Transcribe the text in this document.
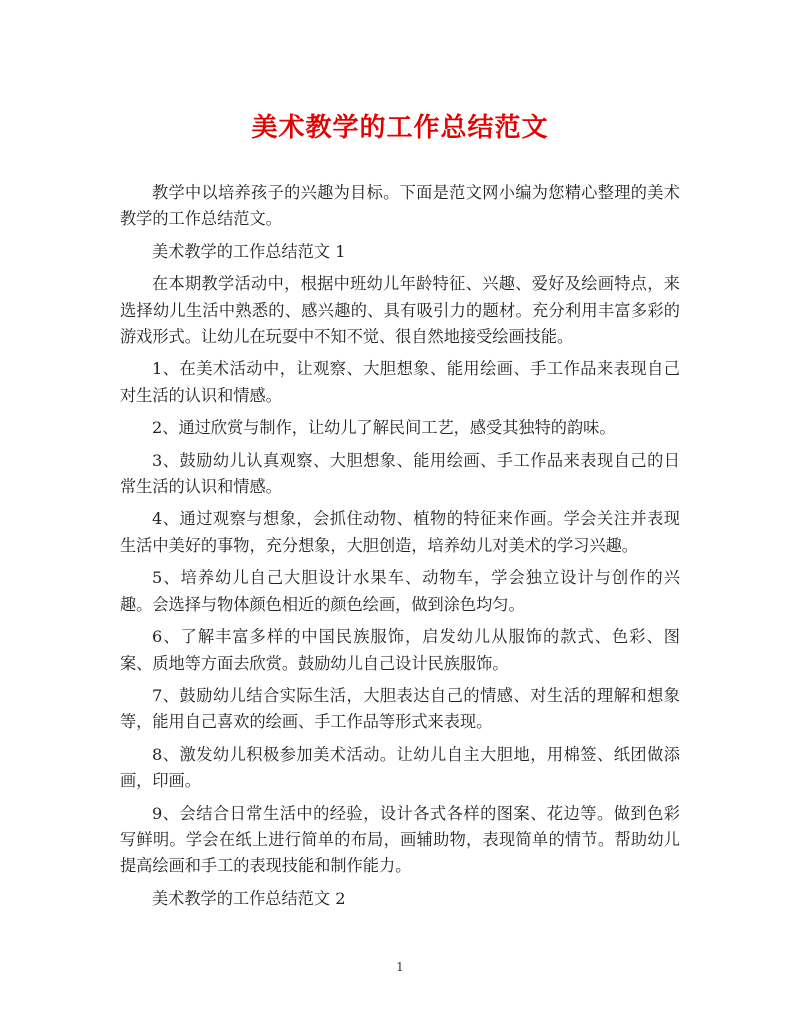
美术教学的工作总结范文

教学中以培养孩子的兴趣为目标。下面是范文网小编为您精心整理的美术教学的工作总结范文。

美术教学的工作总结范文 1

在本期教学活动中，根据中班幼儿年龄特征、兴趣、爱好及绘画特点，来选择幼儿生活中熟悉的、感兴趣的、具有吸引力的题材。充分利用丰富多彩的游戏形式。让幼儿在玩耍中不知不觉、很自然地接受绘画技能。

1、在美术活动中，让观察、大胆想象、能用绘画、手工作品来表现自己对生活的认识和情感。

2、通过欣赏与制作，让幼儿了解民间工艺，感受其独特的韵味。

3、鼓励幼儿认真观察、大胆想象、能用绘画、手工作品来表现自己的日常生活的认识和情感。

4、通过观察与想象，会抓住动物、植物的特征来作画。学会关注并表现生活中美好的事物，充分想象，大胆创造，培养幼儿对美术的学习兴趣。

5、培养幼儿自己大胆设计水果车、动物车，学会独立设计与创作的兴趣。会选择与物体颜色相近的颜色绘画，做到涂色均匀。

6、了解丰富多样的中国民族服饰，启发幼儿从服饰的款式、色彩、图案、质地等方面去欣赏。鼓励幼儿自己设计民族服饰。

7、鼓励幼儿结合实际生活，大胆表达自己的情感、对生活的理解和想象等，能用自己喜欢的绘画、手工作品等形式来表现。

8、激发幼儿积极参加美术活动。让幼儿自主大胆地，用棉签、纸团做添画，印画。

9、会结合日常生活中的经验，设计各式各样的图案、花边等。做到色彩写鲜明。学会在纸上进行简单的布局，画辅助物，表现简单的情节。帮助幼儿提高绘画和手工的表现技能和制作能力。

美术教学的工作总结范文 2

1
